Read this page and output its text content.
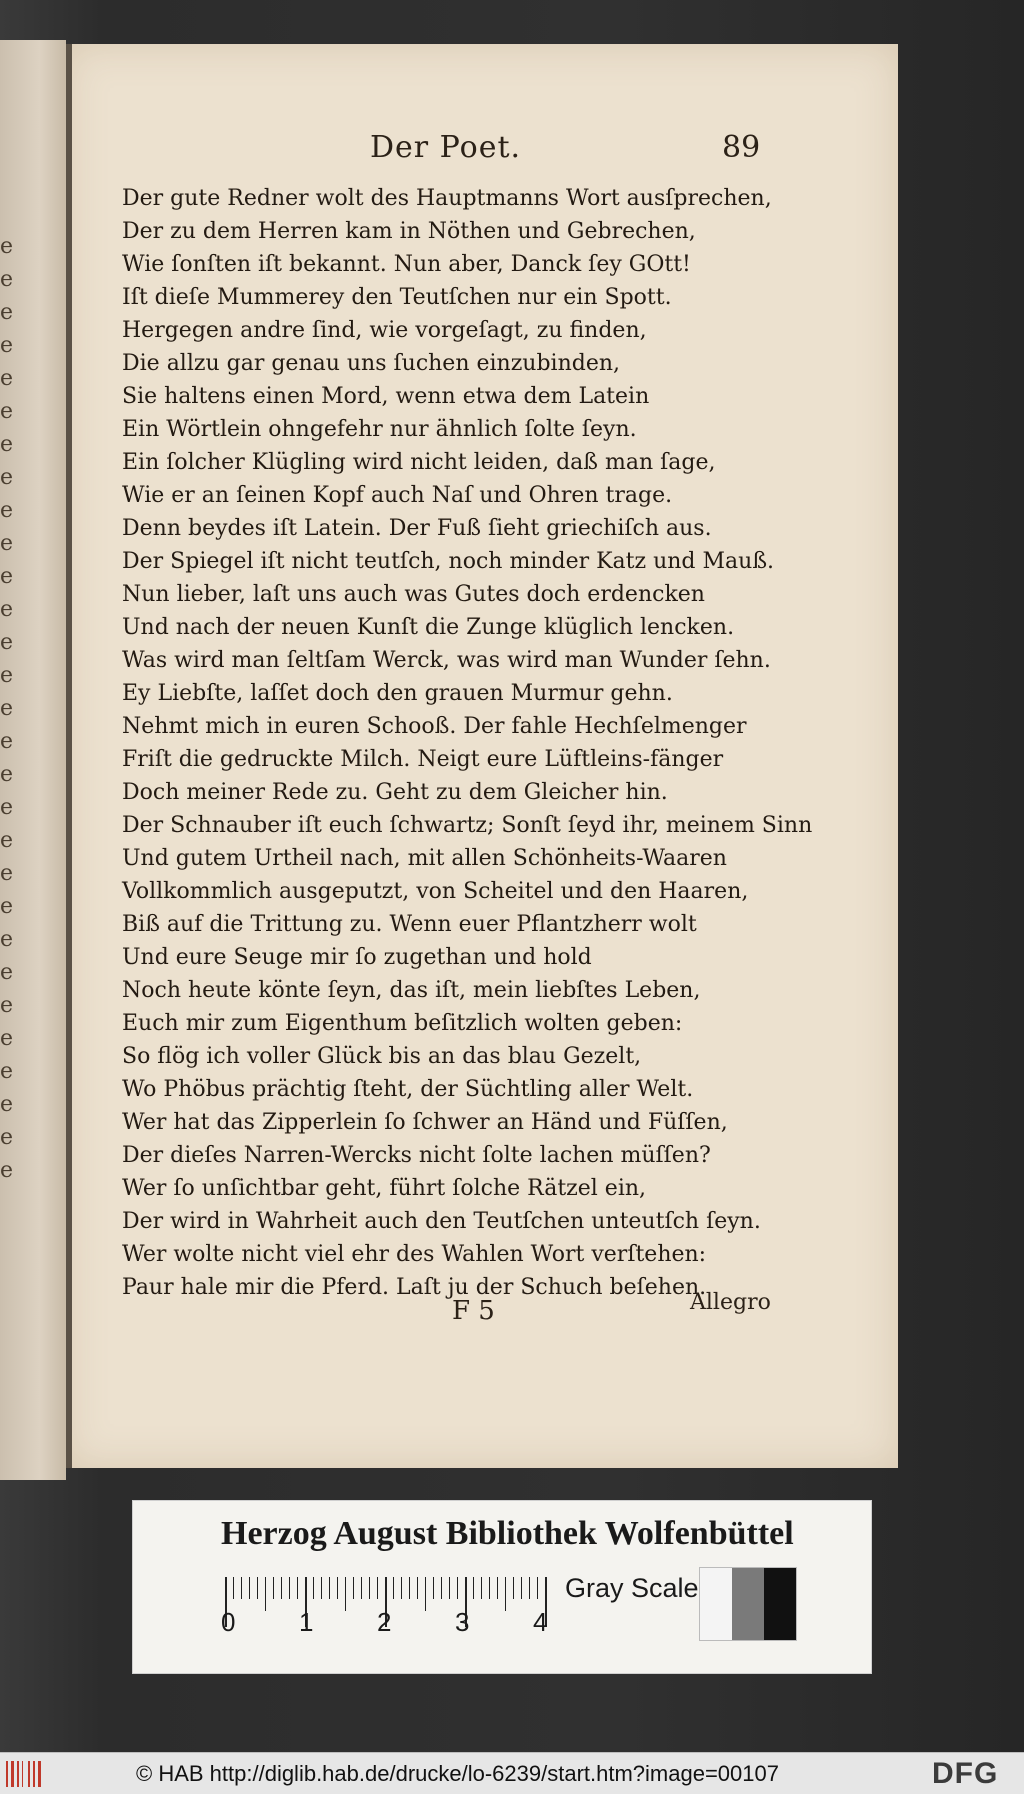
e
e
e
e
e
e
e
e
e
e
e
e
e
e
e
e
e
e
e
e
e
e
e
e
e
e
e
e
e
Der Poet.	89
Der gute Redner wolt des Hauptmanns Wort ausſprechen,
Der zu dem Herren kam in Nöthen und Gebrechen,
Wie ſonſten iſt bekannt. Nun aber, Danck ſey GOtt!
Iſt dieſe Mummerey den Teutſchen nur ein Spott.
Hergegen andre ſind, wie vorgeſagt, zu finden,
Die allzu gar genau uns ſuchen einzubinden,
Sie haltens einen Mord, wenn etwa dem Latein
Ein Wörtlein ohngefehr nur ähnlich ſolte ſeyn.
Ein ſolcher Klügling wird nicht leiden, daß man ſage,
Wie er an ſeinen Kopf auch Naſ und Ohren trage.
Denn beydes iſt Latein. Der Fuß ſieht griechiſch aus.
Der Spiegel iſt nicht teutſch, noch minder Katz und Mauß.
Nun lieber, laſt uns auch was Gutes doch erdencken
Und nach der neuen Kunſt die Zunge klüglich lencken.
Was wird man ſeltſam Werck, was wird man Wunder ſehn.
Ey Liebſte, laſſet doch den grauen Murmur gehn.
Nehmt mich in euren Schooß. Der fahle Hechſelmenger
Friſt die gedruckte Milch. Neigt eure Lüftleins-fänger
Doch meiner Rede zu. Geht zu dem Gleicher hin.
Der Schnauber iſt euch ſchwartz; Sonſt ſeyd ihr, meinem Sinn
Und gutem Urtheil nach, mit allen Schönheits-Waaren
Vollkommlich ausgeputzt, von Scheitel und den Haaren,
Biß auf die Trittung zu. Wenn euer Pflantzherr wolt
Und eure Seuge mir ſo zugethan und hold
Noch heute könte ſeyn, das iſt, mein liebſtes Leben,
Euch mir zum Eigenthum beſitzlich wolten geben:
So flög ich voller Glück bis an das blau Gezelt,
Wo Phöbus prächtig ſteht, der Süchtling aller Welt.
Wer hat das Zipperlein ſo ſchwer an Händ und Füſſen,
Der dieſes Narren-Wercks nicht ſolte lachen müſſen?
Wer ſo unſichtbar geht, führt ſolche Rätzel ein,
Der wird in Wahrheit auch den Teutſchen unteutſch ſeyn.
Wer wolte nicht viel ehr des Wahlen Wort verſtehen:
Paur hale mir die Pferd. Laſt ju der Schuch beſehen.
F 5	Allegro
Herzog August Bibliothek Wolfenbüttel
0 1 2 3 4
Gray Scale
© HAB http://diglib.hab.de/drucke/lo-6239/start.htm?image=00107	DFG
